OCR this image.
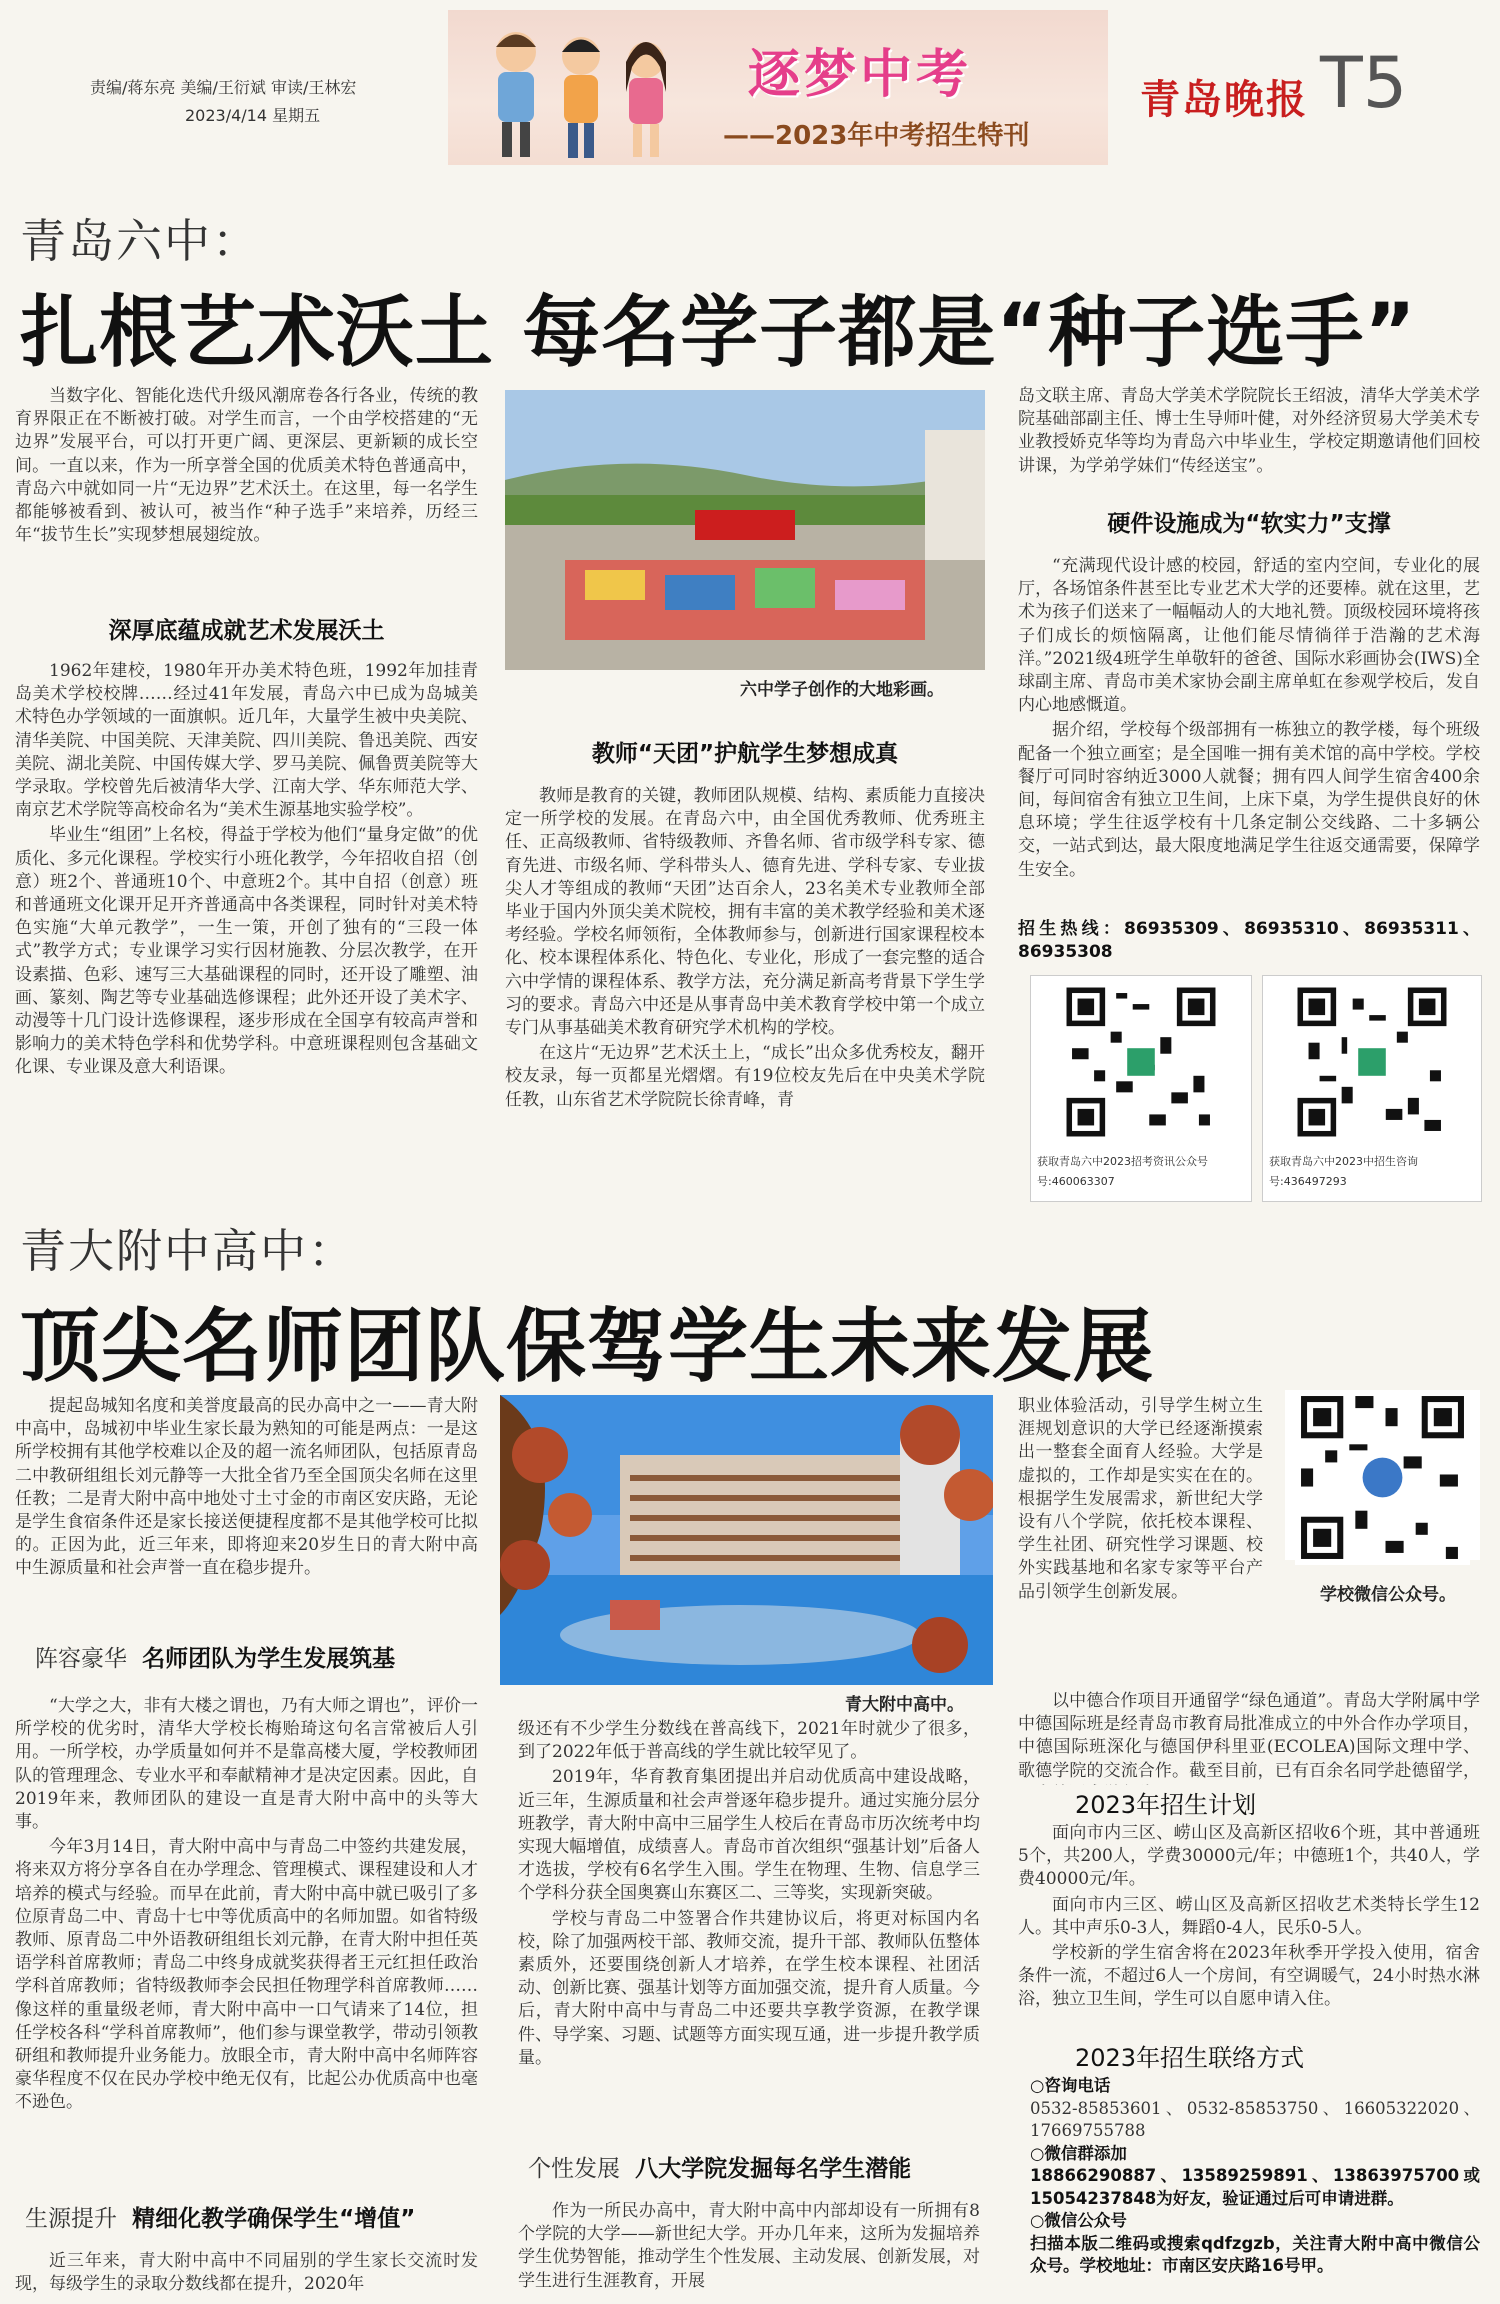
责编/蒋东亮 美编/王衍斌 审读/王林宏
2023/4/14 星期五
逐梦中考
——2023年中考招生特刊
青岛晚报 T5
青岛六中：
扎根艺术沃土 每名学子都是“种子选手”

当数字化、智能化迭代升级风潮席卷各行各业，传统的教育界限正在不断被打破。对学生而言，一个由学校搭建的“无边界”发展平台，可以打开更广阔、更深层、更新颖的成长空间。一直以来，作为一所享誉全国的优质美术特色普通高中，青岛六中就如同一片“无边界”艺术沃土。在这里，每一名学生都能够被看到、被认可，被当作“种子选手”来培养，历经三年“拔节生长”实现梦想展翅绽放。

深厚底蕴成就艺术发展沃土

1962年建校，1980年开办美术特色班，1992年加挂青岛美术学校校牌……经过41年发展，青岛六中已成为岛城美术特色办学领域的一面旗帜。近几年，大量学生被中央美院、清华美院、中国美院、天津美院、四川美院、鲁迅美院、西安美院、湖北美院、中国传媒大学、罗马美院、佩鲁贾美院等大学录取。学校曾先后被清华大学、江南大学、华东师范大学、南京艺术学院等高校命名为“美术生源基地实验学校”。

毕业生“组团”上名校，得益于学校为他们“量身定做”的优质化、多元化课程。学校实行小班化教学，今年招收自招（创意）班2个、普通班10个、中意班2个。其中自招（创意）班和普通班文化课开足开齐普通高中各类课程，同时针对美术特色实施“大单元教学”，一生一策，开创了独有的“三段一体式”教学方式；专业课学习实行因材施教、分层次教学，在开设素描、色彩、速写三大基础课程的同时，还开设了雕塑、油画、篆刻、陶艺等专业基础选修课程；此外还开设了美术字、动漫等十几门设计选修课程，逐步形成在全国享有较高声誉和影响力的美术特色学科和优势学科。中意班课程则包含基础文化课、专业课及意大利语课。

六中学子创作的大地彩画。
教师“天团”护航学生梦想成真

教师是教育的关键，教师团队规模、结构、素质能力直接决定一所学校的发展。在青岛六中，由全国优秀教师、优秀班主任、正高级教师、省特级教师、齐鲁名师、省市级学科专家、德育先进、市级名师、学科带头人、德育先进、学科专家、专业拔尖人才等组成的教师“天团”达百余人，23名美术专业教师全部毕业于国内外顶尖美术院校，拥有丰富的美术教学经验和美术逐考经验。学校名师领衔，全体教师参与，创新进行国家课程校本化、校本课程体系化、特色化、专业化，形成了一套完整的适合六中学情的课程体系、教学方法，充分满足新高考背景下学生学习的要求。青岛六中还是从事青岛中美术教育学校中第一个成立专门从事基础美术教育研究学术机构的学校。

在这片“无边界”艺术沃土上，“成长”出众多优秀校友，翻开校友录，每一页都星光熠熠。有19位校友先后在中央美术学院任教，山东省艺术学院院长徐青峰，青

岛文联主席、青岛大学美术学院院长王绍波，清华大学美术学院基础部副主任、博士生导师叶健，对外经济贸易大学美术专业教授娇克华等均为青岛六中毕业生，学校定期邀请他们回校讲课，为学弟学妹们“传经送宝”。

硬件设施成为“软实力”支撑

“充满现代设计感的校园，舒适的室内空间，专业化的展厅，各场馆条件甚至比专业艺术大学的还要棒。就在这里，艺术为孩子们送来了一幅幅动人的大地礼赞。顶级校园环境将孩子们成长的烦恼隔离，让他们能尽情徜徉于浩瀚的艺术海洋。”2021级4班学生单敬轩的爸爸、国际水彩画协会(IWS)全球副主席、青岛市美术家协会副主席单虹在参观学校后，发自内心地感慨道。

据介绍，学校每个级部拥有一栋独立的教学楼，每个班级配备一个独立画室；是全国唯一拥有美术馆的高中学校。学校餐厅可同时容纳近3000人就餐；拥有四人间学生宿舍400余间，每间宿舍有独立卫生间，上床下桌，为学生提供良好的休息环境；学生往返学校有十几条定制公交线路、二十多辆公交，一站式到达，最大限度地满足学生往返交通需要，保障学生安全。

招生热线：86935309、86935310、86935311、86935308
获取青岛六中2023招考资讯公众号
号:460063307
获取青岛六中2023中招生咨询
号:436497293
青大附中高中：
顶尖名师团队保驾学生未来发展

提起岛城知名度和美誉度最高的民办高中之一——青大附中高中，岛城初中毕业生家长最为熟知的可能是两点：一是这所学校拥有其他学校难以企及的超一流名师团队，包括原青岛二中教研组组长刘元静等一大批全省乃至全国顶尖名师在这里任教；二是青大附中高中地处寸土寸金的市南区安庆路，无论是学生食宿条件还是家长接送便捷程度都不是其他学校可比拟的。正因为此，近三年来，即将迎来20岁生日的青大附中高中生源质量和社会声誉一直在稳步提升。

阵容豪华 名师团队为学生发展筑基

“大学之大，非有大楼之谓也，乃有大师之谓也”，评价一所学校的优劣时，清华大学校长梅贻琦这句名言常被后人引用。一所学校，办学质量如何并不是靠高楼大厦，学校教师团队的管理理念、专业水平和奉献精神才是决定因素。因此，自2019年来，教师团队的建设一直是青大附中高中的头等大事。

今年3月14日，青大附中高中与青岛二中签约共建发展，将来双方将分享各自在办学理念、管理模式、课程建设和人才培养的模式与经验。而早在此前，青大附中高中就已吸引了多位原青岛二中、青岛十七中等优质高中的名师加盟。如省特级教师、原青岛二中外语教研组组长刘元静，在青大附中担任英语学科首席教师；青岛二中终身成就奖获得者王元红担任政治学科首席教师；省特级教师李会民担任物理学科首席教师……像这样的重量级老师，青大附中高中一口气请来了14位，担任学校各科“学科首席教师”，他们参与课堂教学，带动引领教研组和教师提升业务能力。放眼全市，青大附中高中名师阵容豪华程度不仅在民办学校中绝无仅有，比起公办优质高中也毫不逊色。

生源提升 精细化教学确保学生“增值”

近三年来，青大附中高中不同届别的学生家长交流时发现，每级学生的录取分数线都在提升，2020年

青大附中高中。

级还有不少学生分数线在普高线下，2021年时就少了很多，到了2022年低于普高线的学生就比较罕见了。

2019年，华育教育集团提出并启动优质高中建设战略，近三年，生源质量和社会声誉逐年稳步提升。通过实施分层分班教学，青大附中高中三届学生人校后在青岛市历次统考中均实现大幅增值，成绩喜人。青岛市首次组织“强基计划”后备人才选拔，学校有6名学生入围。学生在物理、生物、信息学三个学科分获全国奥赛山东赛区二、三等奖，实现新突破。

学校与青岛二中签署合作共建协议后，将更对标国内名校，除了加强两校干部、教师交流，提升干部、教师队伍整体素质外，还要围绕创新人才培养，在学生校本课程、社团活动、创新比赛、强基计划等方面加强交流，提升育人质量。今后，青大附中高中与青岛二中还要共享教学资源，在教学课件、导学案、习题、试题等方面实现互通，进一步提升教学质量。

个性发展 八大学院发掘每名学生潜能

作为一所民办高中，青大附中高中内部却设有一所拥有8个学院的大学——新世纪大学。开办几年来，这所为发掘培养学生优势智能，推动学生个性发展、主动发展、创新发展，对学生进行生涯教育，开展

职业体验活动，引导学生树立生涯规划意识的大学已经逐渐摸索出一整套全面育人经验。大学是虚拟的，工作却是实实在在的。根据学生发展需求，新世纪大学设有八个学院，依托校本课程、学生社团、研究性学习课题、校外实践基地和名家专家等平台产品引领学生创新发展。	学校微信公众号。

以中德合作项目开通留学“绿色通道”。青岛大学附属中学中德国际班是经青岛市教育局批准成立的中外合作办学项目，中德国际班深化与德国伊科里亚(ECOLEA)国际文理中学、歌德学院的交流合作。截至目前，已有百余名同学赴德留学，

2023年招生计划

面向市内三区、崂山区及高新区招收6个班，其中普通班5个，共200人，学费30000元/年；中德班1个，共40人，学费40000元/年。

面向市内三区、崂山区及高新区招收艺术类特长学生12人。其中声乐0-3人，舞蹈0-4人，民乐0-5人。

学校新的学生宿舍将在2023年秋季开学投入使用，宿舍条件一流，不超过6人一个房间，有空调暖气，24小时热水淋浴，独立卫生间，学生可以自愿申请入住。

2023年招生联络方式
○咨询电话
0532-85853601、0532-85853750、16605322020、17669755788
○微信群添加
18866290887、13589259891、13863975700或15054237848为好友，验证通过后可申请进群。
○微信公众号
扫描本版二维码或搜索qdfzgzb，关注青大附中高中微信公众号。学校地址：市南区安庆路16号甲。
